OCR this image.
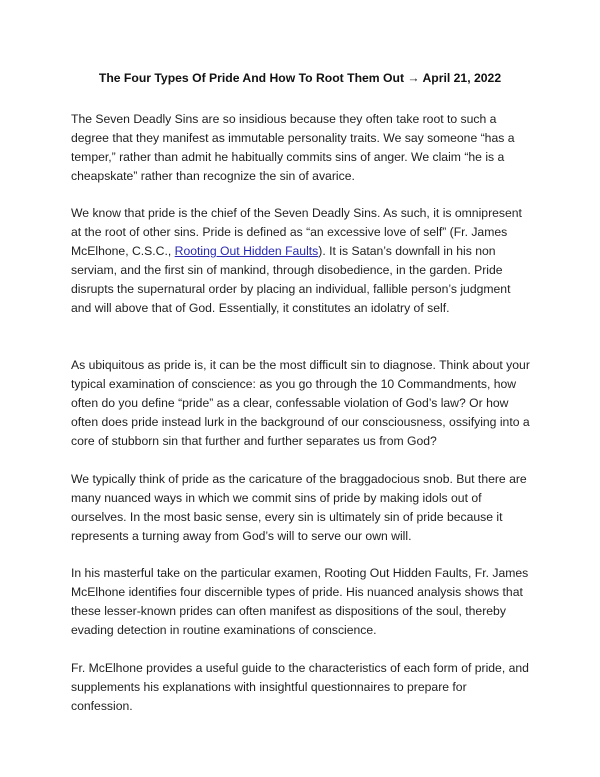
The Four Types Of Pride And How To Root Them Out → April 21, 2022

The Seven Deadly Sins are so insidious because they often take root to such a degree that they manifest as immutable personality traits. We say someone “has a temper,” rather than admit he habitually commits sins of anger. We claim “he is a cheapskate” rather than recognize the sin of avarice.

We know that pride is the chief of the Seven Deadly Sins. As such, it is omnipresent at the root of other sins. Pride is defined as “an excessive love of self” (Fr. James McElhone, C.S.C., Rooting Out Hidden Faults). It is Satan’s downfall in his non serviam, and the first sin of mankind, through disobedience, in the garden. Pride disrupts the supernatural order by placing an individual, fallible person’s judgment and will above that of God. Essentially, it constitutes an idolatry of self.

As ubiquitous as pride is, it can be the most difficult sin to diagnose. Think about your typical examination of conscience: as you go through the 10 Commandments, how often do you define “pride” as a clear, confessable violation of God’s law? Or how often does pride instead lurk in the background of our consciousness, ossifying into a core of stubborn sin that further and further separates us from God?

We typically think of pride as the caricature of the braggadocious snob. But there are many nuanced ways in which we commit sins of pride by making idols out of ourselves. In the most basic sense, every sin is ultimately sin of pride because it represents a turning away from God’s will to serve our own will.

In his masterful take on the particular examen, Rooting Out Hidden Faults, Fr. James McElhone identifies four discernible types of pride. His nuanced analysis shows that these lesser-known prides can often manifest as dispositions of the soul, thereby evading detection in routine examinations of conscience.

Fr. McElhone provides a useful guide to the characteristics of each form of pride, and supplements his explanations with insightful questionnaires to prepare for confession.
